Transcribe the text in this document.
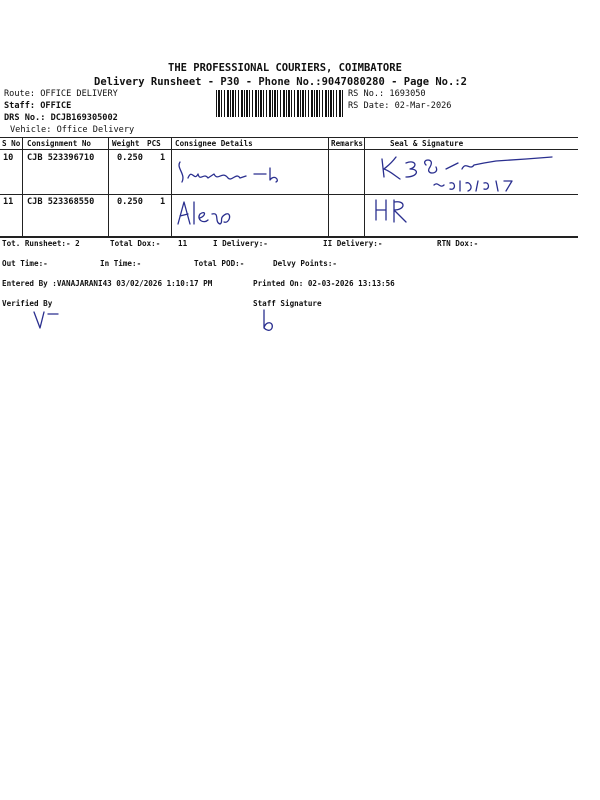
THE PROFESSIONAL COURIERS, COIMBATORE
Delivery Runsheet - P30 - Phone No.:9047080280 - Page No.:2
Route: OFFICE DELIVERY
Staff: OFFICE
DRS No.: DCJB169305002
Vehicle: Office Delivery
RS No.: 1693050
RS Date: 02-Mar-2026
S No Consignment No	Weight PCS Consignee Details	Remarks	Seal & Signature
10 CJB 523396710	0.250 1
11 CJB 523368550	0.250 1
Tot. Runsheet:- 2	Total Dox:- 11	I Delivery:-	II Delivery:-	RTN Dox:-
Out Time:-	In Time:-	Total POD:-	Delvy Points:-
Entered By :VANAJARANI43 03/02/2026 1:10:17 PM	Printed On: 02-03-2026 13:13:56
Verified By	Staff Signature
